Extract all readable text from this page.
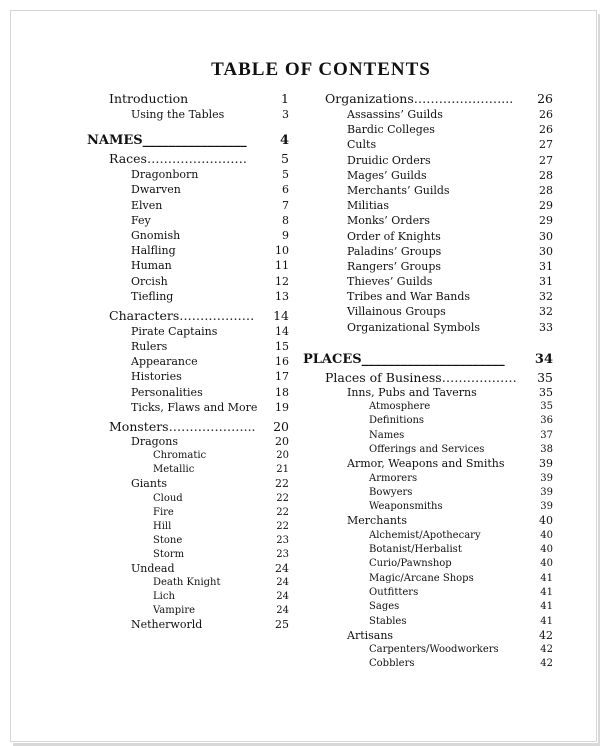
TABLE OF CONTENTS
Introduction	1
Using the Tables	3
NAMES________________	4
Races……………………	5
Dragonborn	5
Dwarven	6
Elven	7
Fey	8
Gnomish	9
Halfling	10
Human	11
Orcish	12
Tiefling	13
Characters……………… 14
Pirate Captains	14
Rulers	15
Appearance	16
Histories	17
Personalities	18
Ticks, Flaws and More 19
Monsters………………... 20
Dragons	20
Chromatic	20
Metallic	21
Giants	22
Cloud	22
Fire	22
Hill	22
Stone	23
Storm	23
Undead	24
Death Knight	24
Lich	24
Vampire	24
Netherworld	25
Organizations…………………... 26
Assassins’ Guilds	26
Bardic Colleges	26
Cults	27
Druidic Orders	27
Mages’ Guilds	28
Merchants’ Guilds	28
Militias	29
Monks’ Orders	29
Order of Knights	30
Paladins’ Groups	30
Rangers’ Groups	31
Thieves’ Guilds	31
Tribes and War Bands	32
Villainous Groups	32
Organizational Symbols	33
PLACES______________________ 34
Places of Business……………… 35
Inns, Pubs and Taverns	35
Atmosphere	35
Definitions	36
Names	37
Offerings and Services	38
Armor, Weapons and Smiths	39
Armorers	39
Bowyers	39
Weaponsmiths	39
Merchants	40
Alchemist/Apothecary	40
Botanist/Herbalist	40
Curio/Pawnshop	40
Magic/Arcane Shops	41
Outfitters	41
Sages	41
Stables	41
Artisans	42
Carpenters/Woodworkers	42
Cobblers	42
